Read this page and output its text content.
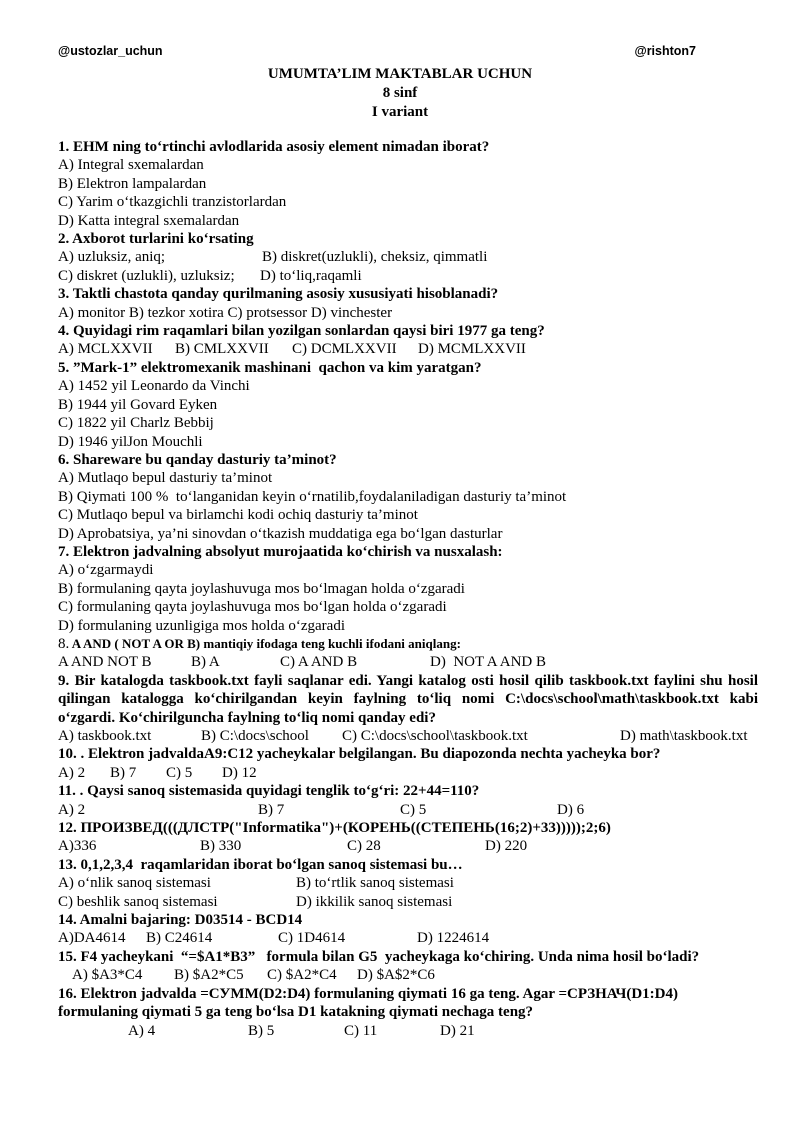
@ustozlar_uchun	@rishton7
UMUMTA’LIM MAKTABLAR UCHUN
8 sinf
I variant
1. EHM ning to‘rtinchi avlodlarida asosiy element nimadan iborat?
A) Integral sxemalardan
B) Elektron lampalardan
C) Yarim o‘tkazgichli tranzistorlardan
D) Katta integral sxemalardan
2. Axborot turlarini ko‘rsating
A) uzluksiz, aniq;	B) diskret(uzlukli), cheksiz, qimmatli
C) diskret (uzlukli), uzluksiz; D) to‘liq,raqamli
3. Taktli chastota qanday qurilmaning asosiy xususiyati hisoblanadi?
A) monitor B) tezkor xotira C) protsessor D) vinchester
4. Quyidagi rim raqamlari bilan yozilgan sonlardan qaysi biri 1977 ga teng?
A) MCLXXVII B) CMLXXVII C) DCMLXXVII D) MCMLXXVII
5. ”Mark-1” elektromexanik mashinani  qachon va kim yaratgan?
A) 1452 yil Leonardo da Vinchi
B) 1944 yil Govard Eyken
C) 1822 yil Charlz Bebbij
D) 1946 yilJon Mouchli
6. Shareware bu qanday dasturiy ta’minot?
A) Mutlaqo bepul dasturiy ta’minot
B) Qiymati 100 %  to‘langanidan keyin o‘rnatilib,foydalaniladigan dasturiy ta’minot
C) Mutlaqo bepul va birlamchi kodi ochiq dasturiy ta’minot
D) Aprobatsiya, ya’ni sinovdan o‘tkazish muddatiga ega bo‘lgan dasturlar
7. Elektron jadvalning absolyut murojaatida ko‘chirish va nusxalash:
A) o‘zgarmaydi
B) formulaning qayta joylashuvuga mos bo‘lmagan holda o‘zgaradi
C) formulaning qayta joylashuvuga mos bo‘lgan holda o‘zgaradi
D) formulaning uzunligiga mos holda o‘zgaradi
8. A AND ( NOT A OR B) mantiqiy ifodaga teng kuchli ifodani aniqlang:
A AND NOT B	B) A	C) A AND B	D)  NOT A AND B
9. Bir katalogda taskbook.txt fayli saqlanar edi. Yangi katalog osti hosil qilib taskbook.txt faylini shu hosil qilingan katalogga ko‘chirilgandan keyin faylning to‘liq nomi C:\docs\school\math\taskbook.txt kabi o‘zgardi. Ko‘chirilguncha faylning to‘liq nomi qanday edi?
A) taskbook.txt	B) C:\docs\school C) C:\docs\school\taskbook.txt	D) math\taskbook.txt
10. . Elektron jadvaldaA9:C12 yacheykalar belgilangan. Bu diapozonda nechta yacheyka bor?
A) 2 B) 7 C) 5 D) 12
11. . Qaysi sanoq sistemasida quyidagi tenglik to‘g‘ri: 22+44=110?
A) 2	B) 7	C) 5	D) 6
12. ПРОИЗВЕД(((ДЛСТР("Informatika")+(КОРЕНЬ((СТЕПЕНЬ(16;2)+33)))));2;6)
A)336	B) 330	C) 28	D) 220
13. 0,1,2,3,4  raqamlaridan iborat bo‘lgan sanoq sistemasi bu…
A) o‘nlik sanoq sistemasi	B) to‘rtlik sanoq sistemasi
C) beshlik sanoq sistemasi	D) ikkilik sanoq sistemasi
14. Amalni bajaring: D03514 - BCD14
A)DA4614 B) C24614	C) 1D4614	D) 1224614
15. F4 yacheykani  “=$A1*B3”   formula bilan G5  yacheykaga ko‘chiring. Unda nima hosil bo‘ladi?
A) $A3*C4 B) $A2*C5 C) $A2*C4 D) $A$2*C6
16. Elektron jadvalda =СУММ(D2:D4) formulaning qiymati 16 ga teng. Agar =СРЗНАЧ(D1:D4)
formulaning qiymati 5 ga teng bo‘lsa D1 katakning qiymati nechaga teng?
A) 4	B) 5	C) 11	D) 21
